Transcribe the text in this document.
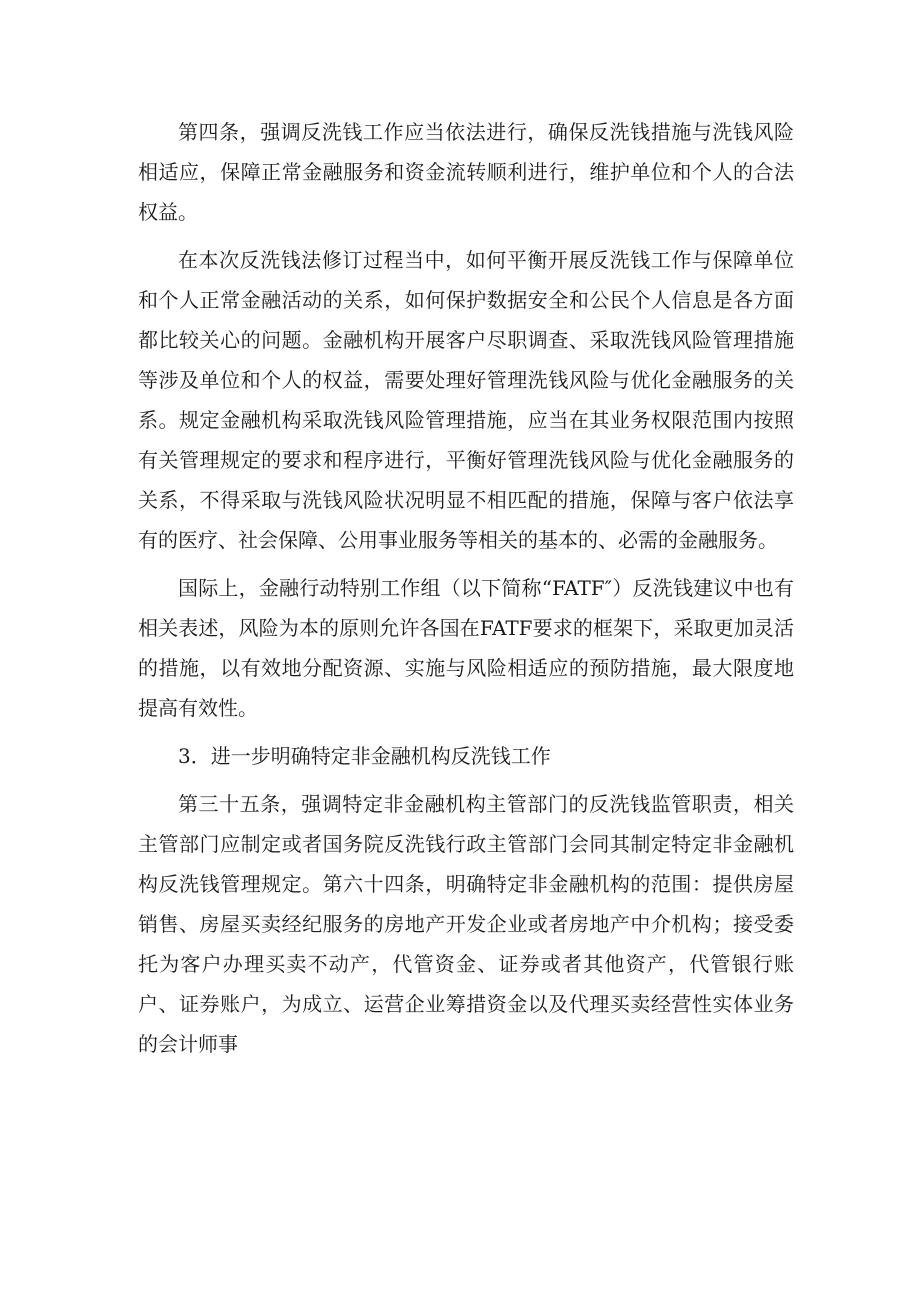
第四条，强调反洗钱工作应当依法进行，确保反洗钱措施与洗钱风险相适应，保障正常金融服务和资金流转顺利进行，维护单位和个人的合法权益。

在本次反洗钱法修订过程当中，如何平衡开展反洗钱工作与保障单位和个人正常金融活动的关系，如何保护数据安全和公民个人信息是各方面都比较关心的问题。金融机构开展客户尽职调查、采取洗钱风险管理措施等涉及单位和个人的权益，需要处理好管理洗钱风险与优化金融服务的关系。规定金融机构采取洗钱风险管理措施，应当在其业务权限范围内按照有关管理规定的要求和程序进行，平衡好管理洗钱风险与优化金融服务的关系，不得采取与洗钱风险状况明显不相匹配的措施，保障与客户依法享有的医疗、社会保障、公用事业服务等相关的基本的、必需的金融服务。

国际上，金融行动特别工作组（以下简称“FATF″）反洗钱建议中也有相关表述，风险为本的原则允许各国在FATF要求的框架下，采取更加灵活的措施，以有效地分配资源、实施与风险相适应的预防措施，最大限度地提高有效性。

3．进一步明确特定非金融机构反洗钱工作

第三十五条，强调特定非金融机构主管部门的反洗钱监管职责，相关主管部门应制定或者国务院反洗钱行政主管部门会同其制定特定非金融机构反洗钱管理规定。第六十四条，明确特定非金融机构的范围：提供房屋销售、房屋买卖经纪服务的房地产开发企业或者房地产中介机构；接受委托为客户办理买卖不动产，代管资金、证券或者其他资产，代管银行账户、证券账户，为成立、运营企业筹措资金以及代理买卖经营性实体业务的会计师事
